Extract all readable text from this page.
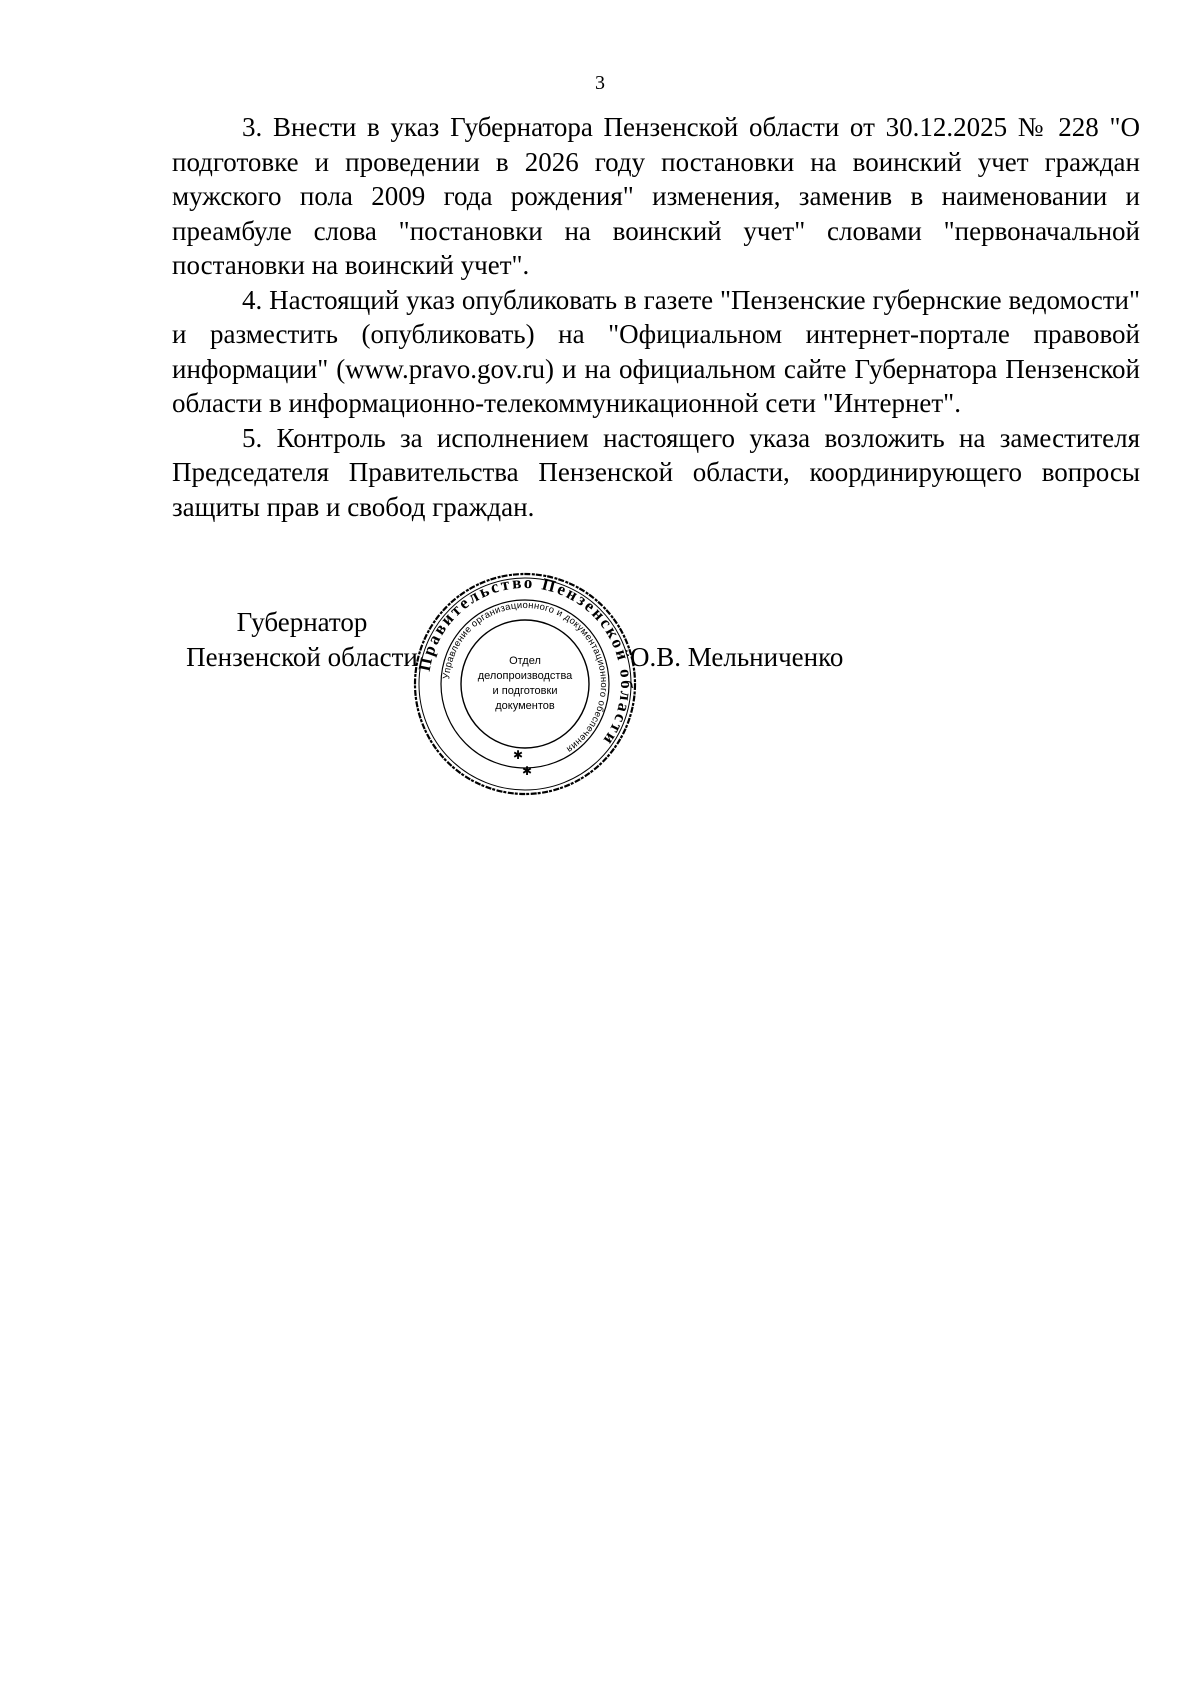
3

3. Внести в указ Губернатора Пензенской области от 30.12.2025 № 228 "О подготовке и проведении в 2026 году постановки на воинский учет граждан мужского пола 2009 года рождения" изменения, заменив в наименовании и преамбуле слова "постановки на воинский учет" словами "первоначальной постановки на воинский учет".

4. Настоящий указ опубликовать в газете "Пензенские губернские ведомости" и разместить (опубликовать) на "Официальном интернет-портале правовой информации" (www.pravo.gov.ru) и на официальном сайте Губернатора Пензенской области в информационно-телекоммуникационной сети "Интернет".

5. Контроль за исполнением настоящего указа возложить на заместителя Председателя Правительства Пензенской области, координирующего вопросы защиты прав и свобод граждан.

Губернатор
Пензенской области	О.В. Мельниченко
Правительство Пензенской области
Управление организационного и документационного обеспечения
Отдел
делопроизводства
и подготовки
документов
✱
✱
